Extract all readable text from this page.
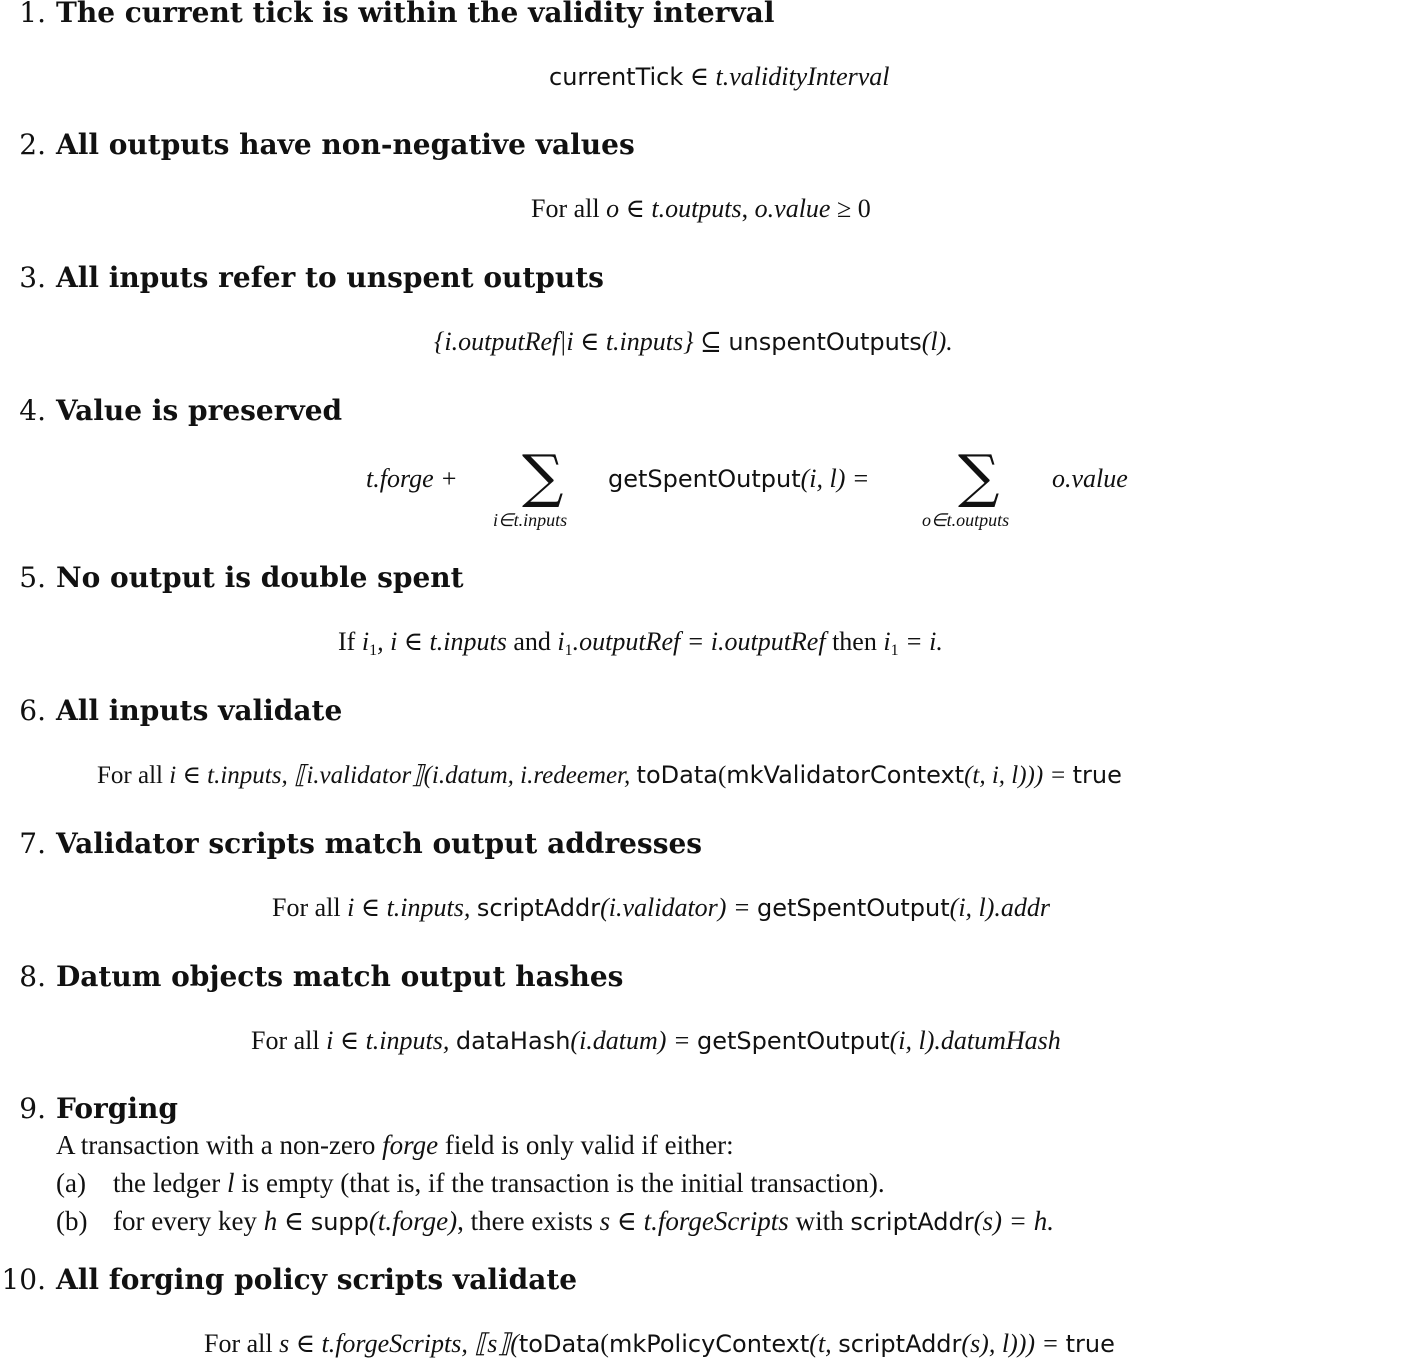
1. The current tick is within the validity interval
currentTick ∈ t.validityInterval
2. All outputs have non-negative values
For all o ∈ t.outputs, o.value ≥ 0
3. All inputs refer to unspent outputs
{i.outputRef|i ∈ t.inputs} ⊆ unspentOutputs(l).
4. Value is preserved
t.forge + ∑
i∈t.inputs
getSpentOutput(i, l) = ∑
o∈t.outputs
o.value
5. No output is double spent
If $i_1$, i ∈ t.inputs and $i_1.outputRef$ = i.outputRef then $i_1 = i$.
6. All inputs validate
For all i ∈ t.inputs, ⟦i.validator⟧(i.datum, i.redeemer, toData(mkValidatorContext(t, i, l))) = true
7. Validator scripts match output addresses
For all i ∈ t.inputs, scriptAddr(i.validator) = getSpentOutput(i, l).addr
8. Datum objects match output hashes
For all i ∈ t.inputs, dataHash(i.datum) = getSpentOutput(i, l).datumHash
9. Forging
A transaction with a non-zero forge field is only valid if either:
(a) the ledger l is empty (that is, if the transaction is the initial transaction).
(b) for every key h ∈ supp(t.forge), there exists s ∈ t.forgeScripts with scriptAddr(s) = h.
10. All forging policy scripts validate
For all s ∈ t.forgeScripts, ⟦s⟧(toData(mkPolicyContext(t, scriptAddr(s), l))) = true
